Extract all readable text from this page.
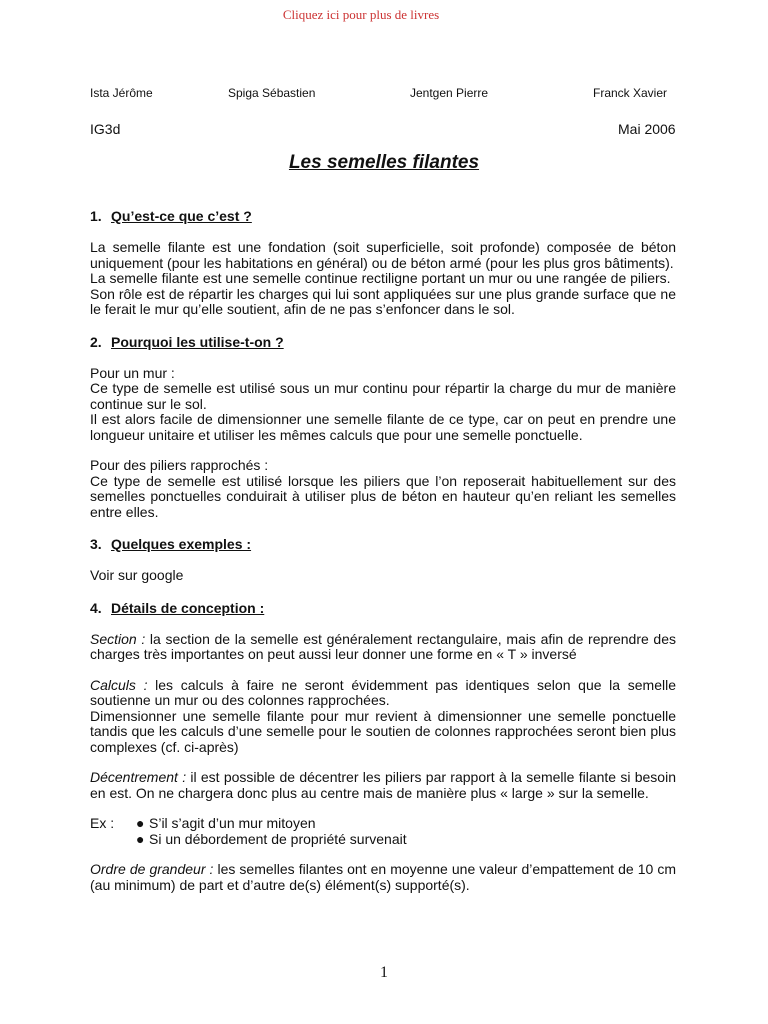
Cliquez ici pour plus de livres
Ista Jérôme	Spiga Sébastien	Jentgen Pierre	Franck Xavier
IG3d	Mai 2006
Les semelles filantes
1. Qu’est-ce que c’est ?

La semelle filante est une fondation (soit superficielle, soit profonde) composée de béton uniquement (pour les habitations en général) ou de béton armé (pour les plus gros bâtiments).

La semelle filante est une semelle continue rectiligne portant un mur ou une rangée de piliers.

Son rôle est de répartir les charges qui lui sont appliquées sur une plus grande surface que ne le ferait le mur qu’elle soutient, afin de ne pas s’enfoncer dans le sol.

2. Pourquoi les utilise-t-on ?

Pour un mur :

Ce type de semelle est utilisé sous un mur continu pour répartir la charge du mur de manière continue sur le sol.

Il est alors facile de dimensionner une semelle filante de ce type, car on peut en prendre une longueur unitaire et utiliser les mêmes calculs que pour une semelle ponctuelle.

Pour des piliers rapprochés :

Ce type de semelle est utilisé lorsque les piliers que l’on reposerait habituellement sur des semelles ponctuelles conduirait à utiliser plus de béton en hauteur qu’en reliant les semelles entre elles.

3. Quelques exemples :

Voir sur google

4. Détails de conception :

Section : la section de la semelle est généralement rectangulaire, mais afin de reprendre des charges très importantes on peut aussi leur donner une forme en « T » inversé

Calculs : les calculs à faire ne seront évidemment pas identiques selon que la semelle soutienne un mur ou des colonnes rapprochées.

Dimensionner une semelle filante pour mur revient à dimensionner une semelle ponctuelle tandis que les calculs d’une semelle pour le soutien de colonnes rapprochées seront bien plus complexes (cf. ci-après)

Décentrement : il est possible de décentrer les piliers par rapport à la semelle filante si besoin en est. On ne chargera donc plus au centre mais de manière plus « large » sur la semelle.

Ex :	● S’il s’agit d’un mur mitoyen
● Si un débordement de propriété survenait

Ordre de grandeur : les semelles filantes ont en moyenne une valeur d’empattement de 10 cm (au minimum) de part et d’autre de(s) élément(s) supporté(s).

1
